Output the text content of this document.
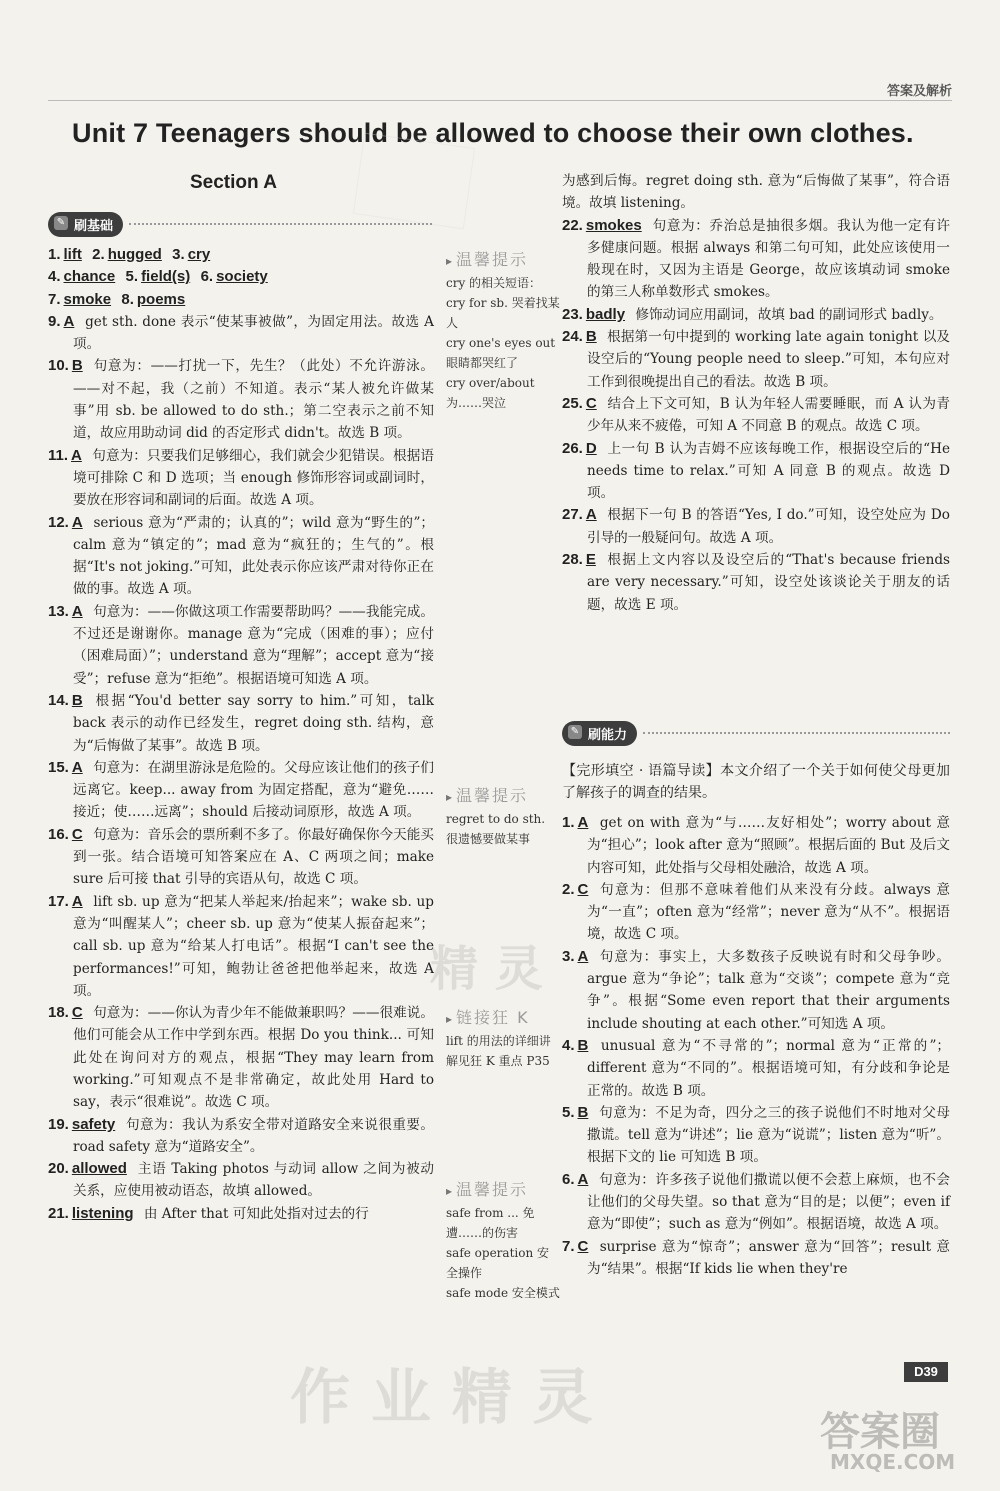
答案及解析
Unit 7 Teenagers should be allowed to choose their own clothes.
Section A
✎ 刷基础

1. lift 2. hugged 3. cry

4. chance 5. field(s) 6. society

7. smoke 8. poems

9. A get sth. done 表示“使某事被做”，为固定用法。故选 A 项。

10. B 句意为：——打扰一下，先生？（此处）不允许游泳。——对不起，我（之前）不知道。表示“某人被允许做某事”用 sb. be allowed to do sth.；第二空表示之前不知道，故应用助动词 did 的否定形式 didn't。故选 B 项。

11. A 句意为：只要我们足够细心，我们就会少犯错误。根据语境可排除 C 和 D 选项；当 enough 修饰形容词或副词时，要放在形容词和副词的后面。故选 A 项。

12. A serious 意为“严肃的；认真的”；wild 意为“野生的”；calm 意为“镇定的”；mad 意为“疯狂的；生气的”。根据“It's not joking.”可知，此处表示你应该严肃对待你正在做的事。故选 A 项。

13. A 句意为：——你做这项工作需要帮助吗？——我能完成。不过还是谢谢你。manage 意为“完成（困难的事）；应付（困难局面）”；understand 意为“理解”；accept 意为“接受”；refuse 意为“拒绝”。根据语境可知选 A 项。

14. B 根据“You'd better say sorry to him.”可知，talk back 表示的动作已经发生，regret doing sth. 结构，意为“后悔做了某事”。故选 B 项。

15. A 句意为：在湖里游泳是危险的。父母应该让他们的孩子们远离它。keep... away from 为固定搭配，意为“避免……接近；使……远离”；should 后接动词原形，故选 A 项。

16. C 句意为：音乐会的票所剩不多了。你最好确保你今天能买到一张。结合语境可知答案应在 A、C 两项之间；make sure 后可接 that 引导的宾语从句，故选 C 项。

17. A lift sb. up 意为“把某人举起来/抬起来”；wake sb. up 意为“叫醒某人”；cheer sb. up 意为“使某人振奋起来”；call sb. up 意为“给某人打电话”。根据“I can't see the performances!”可知，鲍勃让爸爸把他举起来，故选 A 项。

18. C 句意为：——你认为青少年不能做兼职吗？——很难说。他们可能会从工作中学到东西。根据 Do you think... 可知此处在询问对方的观点，根据“They may learn from working.”可知观点不是非常确定，故此处用 Hard to say，表示“很难说”。故选 C 项。

19. safety 句意为：我认为系安全带对道路安全来说很重要。road safety 意为“道路安全”。

20. allowed 主语 Taking photos 与动词 allow 之间为被动关系，应使用被动语态，故填 allowed。

21. listening 由 After that 可知此处指对过去的行

▸ 温馨提示
cry 的相关短语：
cry for sb. 哭着找某人
cry one's eyes out 眼睛都哭红了
cry over/about 为……哭泣
▸ 温馨提示
regret to do sth. 很遗憾要做某事
▸ 链接狂 K
lift 的用法的详细讲解见狂 K 重点 P35
▸ 温馨提示
safe from ... 免遭……的伤害
safe operation 安全操作
safe mode 安全模式

为感到后悔。regret doing sth. 意为“后悔做了某事”，符合语境。故填 listening。

22. smokes 句意为：乔治总是抽很多烟。我认为他一定有许多健康问题。根据 always 和第二句可知，此处应该使用一般现在时，又因为主语是 George，故应该填动词 smoke 的第三人称单数形式 smokes。

23. badly 修饰动词应用副词，故填 bad 的副词形式 badly。

24. B 根据第一句中提到的 working late again tonight 以及设空后的“Young people need to sleep.”可知，本句应对工作到很晚提出自己的看法。故选 B 项。

25. C 结合上下文可知，B 认为年轻人需要睡眠，而 A 认为青少年从来不疲倦，可知 A 不同意 B 的观点。故选 C 项。

26. D 上一句 B 认为吉姆不应该每晚工作，根据设空后的“He needs time to relax.”可知 A 同意 B 的观点。故选 D 项。

27. A 根据下一句 B 的答语“Yes, I do.”可知，设空处应为 Do 引导的一般疑问句。故选 A 项。

28. E 根据上文内容以及设空后的“That's because friends are very necessary.”可知，设空处该谈论关于朋友的话题，故选 E 项。

✎ 刷能力

【完形填空 · 语篇导读】本文介绍了一个关于如何使父母更加了解孩子的调查的结果。

1. A get on with 意为“与……友好相处”；worry about 意为“担心”；look after 意为“照顾”。根据后面的 But 及后文内容可知，此处指与父母相处融洽，故选 A 项。

2. C 句意为：但那不意味着他们从来没有分歧。always 意为“一直”；often 意为“经常”；never 意为“从不”。根据语境，故选 C 项。

3. A 句意为：事实上，大多数孩子反映说有时和父母争吵。argue 意为“争论”；talk 意为“交谈”；compete 意为“竞争”。根据“Some even report that their arguments include shouting at each other.”可知选 A 项。

4. B unusual 意为“不寻常的”；normal 意为“正常的”；different 意为“不同的”。根据语境可知，有分歧和争论是正常的。故选 B 项。

5. B 句意为：不足为奇，四分之三的孩子说他们不时地对父母撒谎。tell 意为“讲述”；lie 意为“说谎”；listen 意为“听”。根据下文的 lie 可知选 B 项。

6. A 句意为：许多孩子说他们撒谎以便不会惹上麻烦，也不会让他们的父母失望。so that 意为“目的是；以便”；even if 意为“即使”；such as 意为“例如”。根据语境，故选 A 项。

7. C surprise 意为“惊奇”；answer 意为“回答”；result 意为“结果”。根据“If kids lie when they're

D39
精 灵
作 业 精 灵	答案圈
MXQE.COM
